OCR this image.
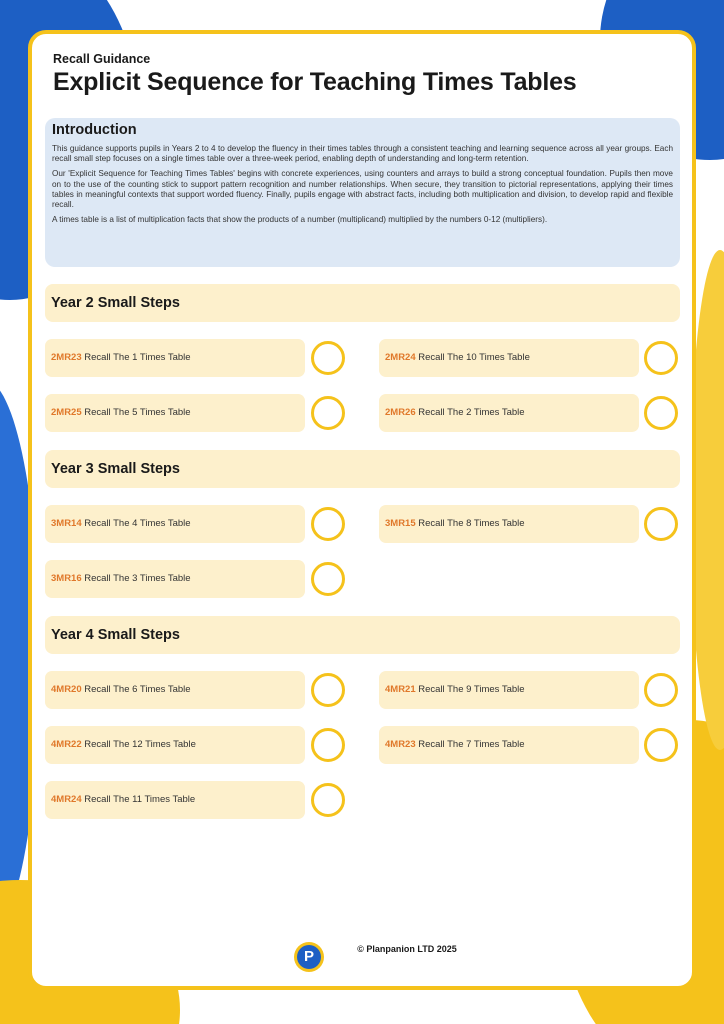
Recall Guidance
Explicit Sequence for Teaching Times Tables
Introduction

This guidance supports pupils in Years 2 to 4 to develop the fluency in their times tables through a consistent teaching and learning sequence across all year groups. Each recall small step focuses on a single times table over a three-week period, enabling depth of understanding and long-term retention.

Our 'Explicit Sequence for Teaching Times Tables' begins with concrete experiences, using counters and arrays to build a strong conceptual foundation. Pupils then move on to the use of the counting stick to support pattern recognition and number relationships. When secure, they transition to pictorial representations, applying their times tables in meaningful contexts that support worded fluency. Finally, pupils engage with abstract facts, including both multiplication and division, to develop rapid and flexible recall.

A times table is a list of multiplication facts that show the products of a number (multiplicand) multiplied by the numbers 0-12 (multipliers).

Year 2 Small Steps
2MR23 Recall The 1 Times Table	2MR24 Recall The 10 Times Table
2MR25 Recall The 5 Times Table	2MR26 Recall The 2 Times Table
Year 3 Small Steps
3MR14 Recall The 4 Times Table	3MR15 Recall The 8 Times Table
3MR16 Recall The 3 Times Table
Year 4 Small Steps
4MR20 Recall The 6 Times Table	4MR21 Recall The 9 Times Table
4MR22 Recall The 12 Times Table	4MR23 Recall The 7 Times Table
4MR24 Recall The 11 Times Table
P	© Planpanion LTD 2025
